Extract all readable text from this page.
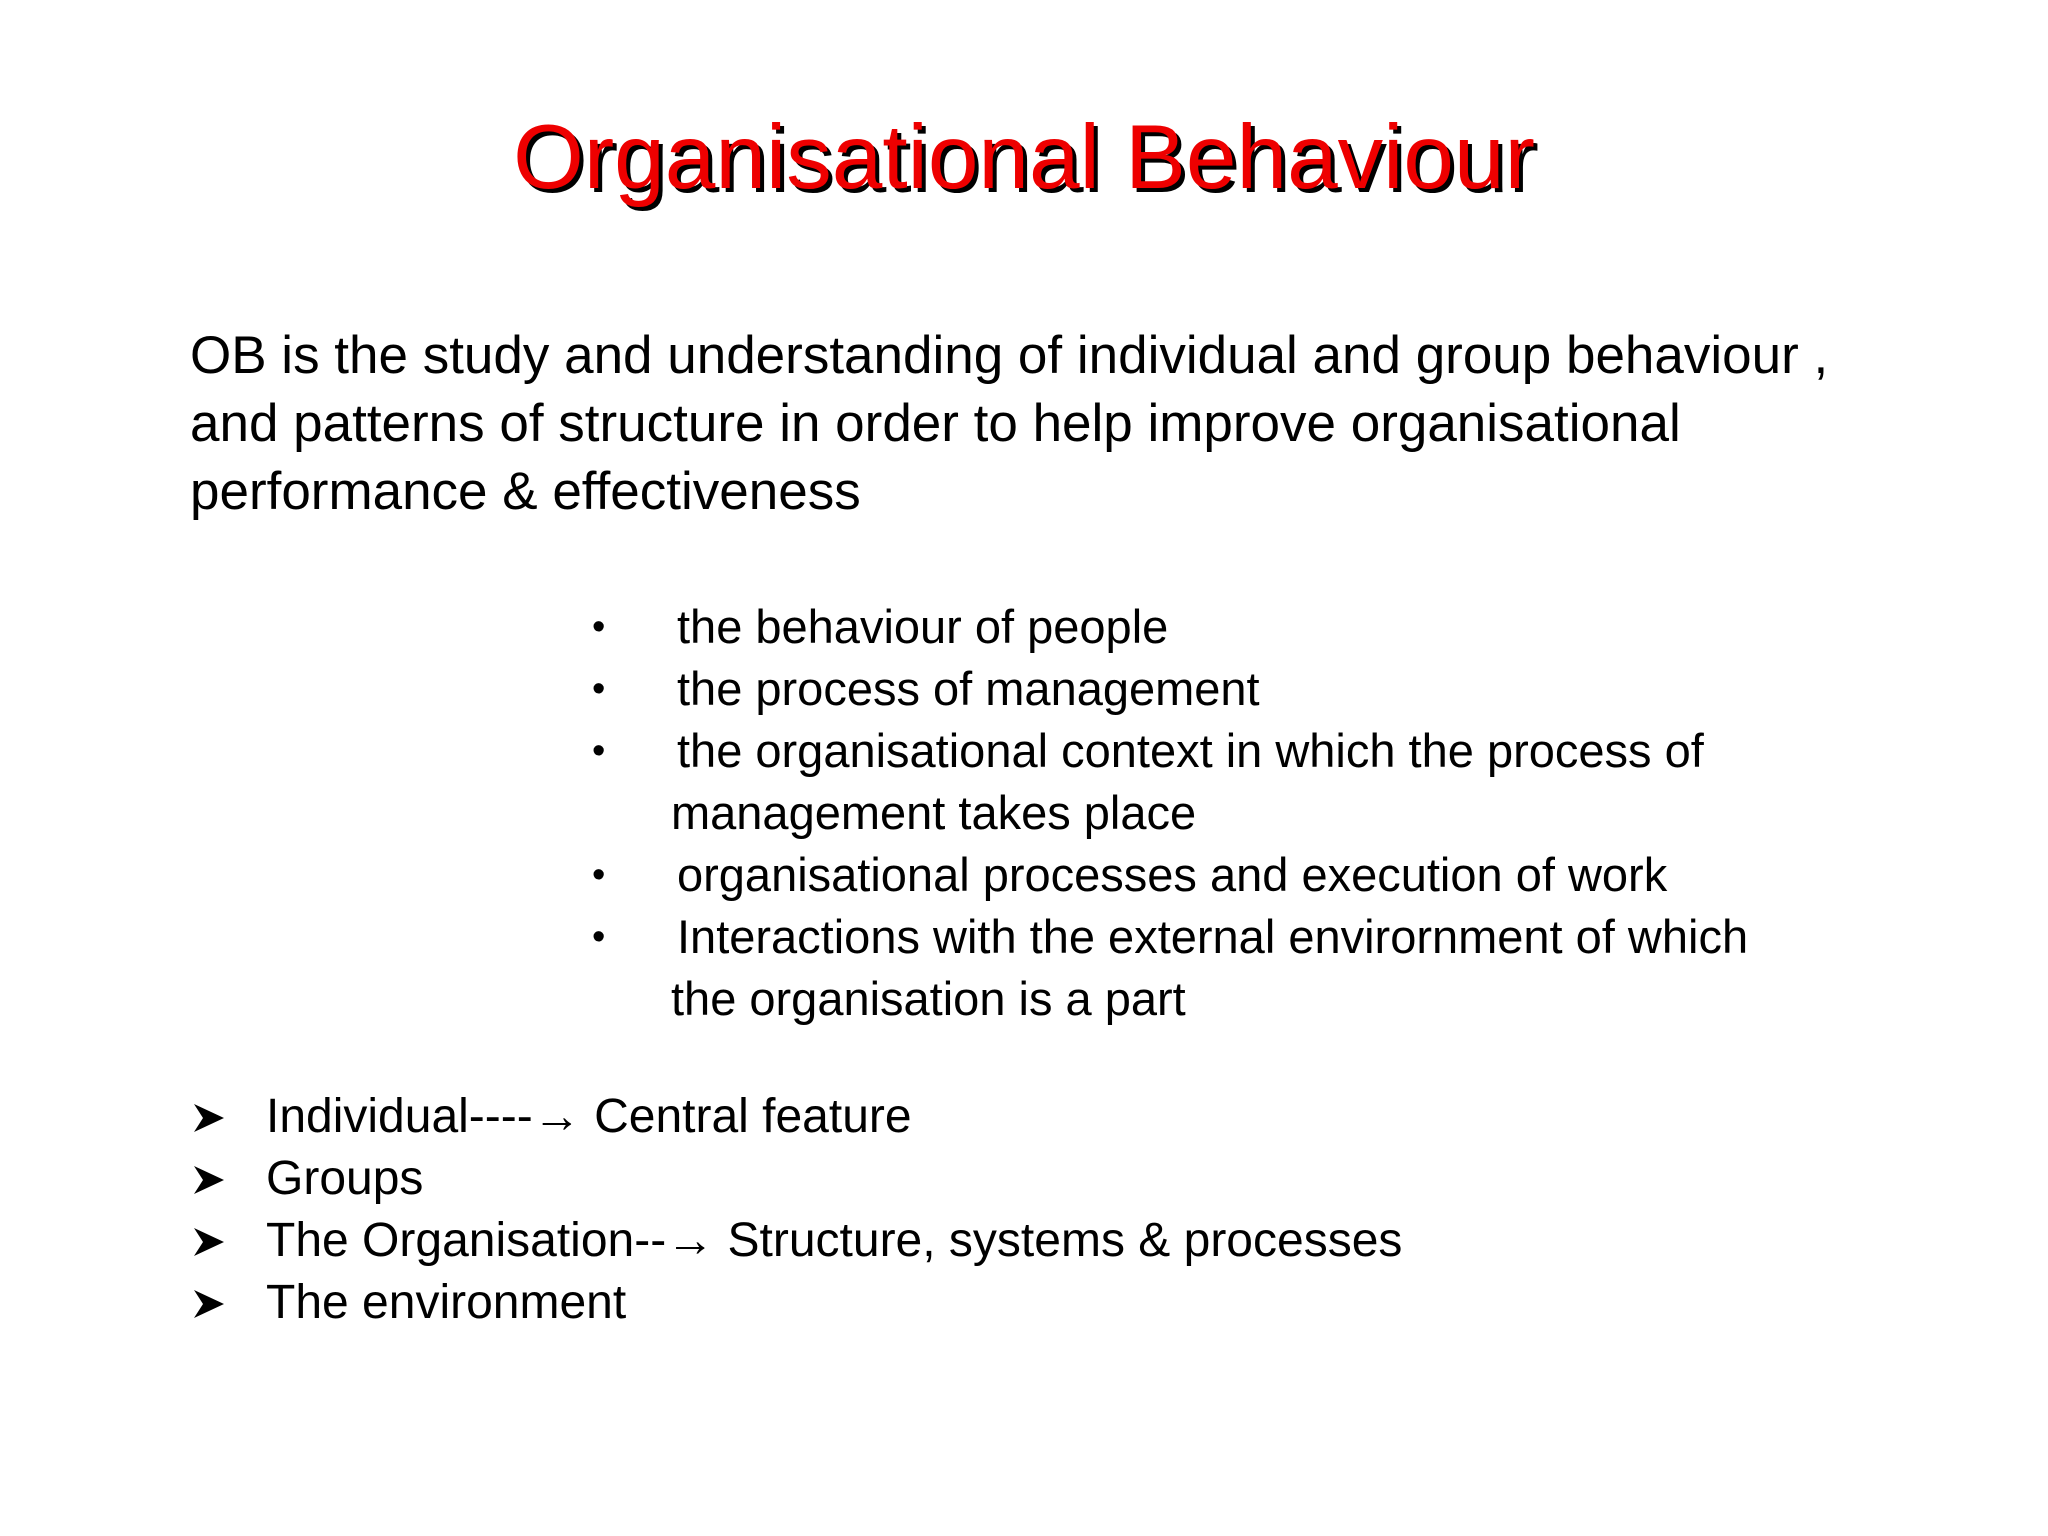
Organisational Behaviour
OB is the study and understanding of individual and group behaviour ,
and patterns of structure in order to help improve organisational
performance & effectiveness
•	the behaviour of people
•	the process of management
•	the organisational context in which the process of
management takes place
•	organisational processes and execution of work
•	Interactions with the external envirornment of which
the organisation is a part
Individual----→ Central feature
Groups
The Organisation--→ Structure, systems & processes
The environment
